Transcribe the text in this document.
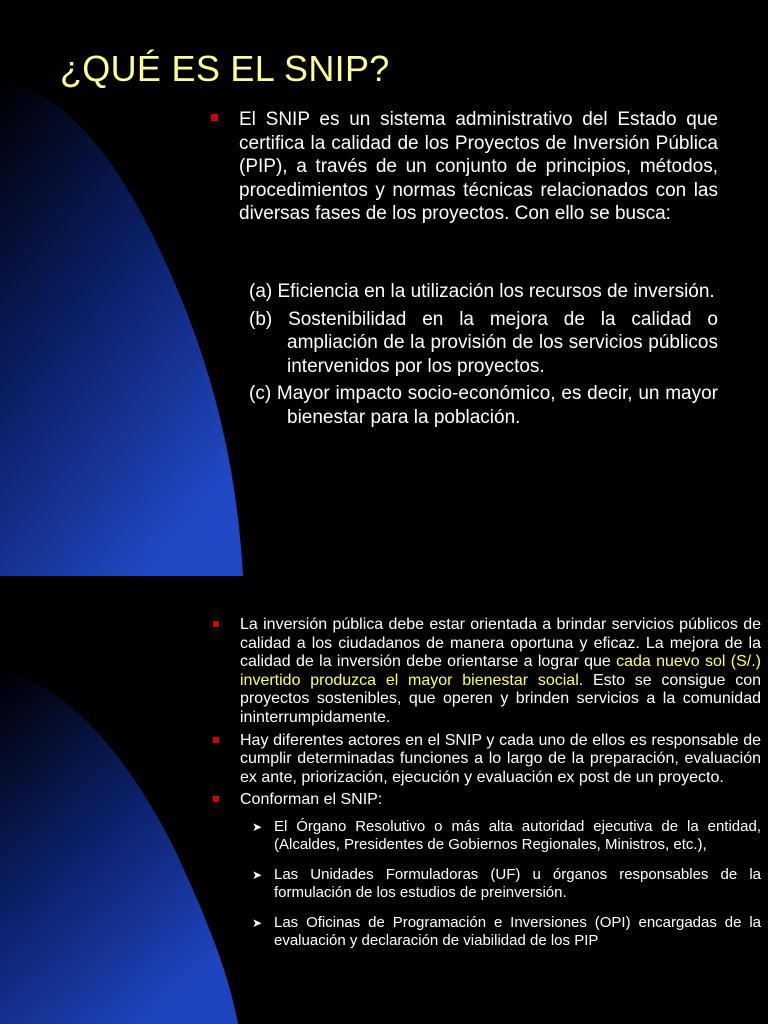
¿QUÉ ES EL SNIP?
El SNIP es un sistema administrativo del Estado que certifica la calidad de los Proyectos de Inversión Pública (PIP), a través de un conjunto de principios, métodos, procedimientos y normas técnicas relacionados con las diversas fases de los proyectos. Con ello se busca:
(a) Eficiencia en la utilización los recursos de inversión.
(b) Sostenibilidad en la mejora de la calidad o ampliación de la provisión de los servicios públicos intervenidos por los proyectos.
(c) Mayor impacto socio-económico, es decir, un mayor bienestar para la población.
La inversión pública debe estar orientada a brindar servicios públicos de calidad a los ciudadanos de manera oportuna y eficaz. La mejora de la calidad de la inversión debe orientarse a lograr que cada nuevo sol (S/.) invertido produzca el mayor bienestar social. Esto se consigue con proyectos sostenibles, que operen y brinden servicios a la comunidad ininterrumpidamente.
Hay diferentes actores en el SNIP y cada uno de ellos es responsable de cumplir determinadas funciones a lo largo de la preparación, evaluación ex ante, priorización, ejecución y evaluación ex post de un proyecto.
Conforman el SNIP:
➤ El Órgano Resolutivo o más alta autoridad ejecutiva de la entidad, (Alcaldes, Presidentes de Gobiernos Regionales, Ministros, etc.),
➤ Las Unidades Formuladoras (UF) u órganos responsables de la formulación de los estudios de preinversión.
➤ Las Oficinas de Programación e Inversiones (OPI) encargadas de la evaluación y declaración de viabilidad de los PIP
